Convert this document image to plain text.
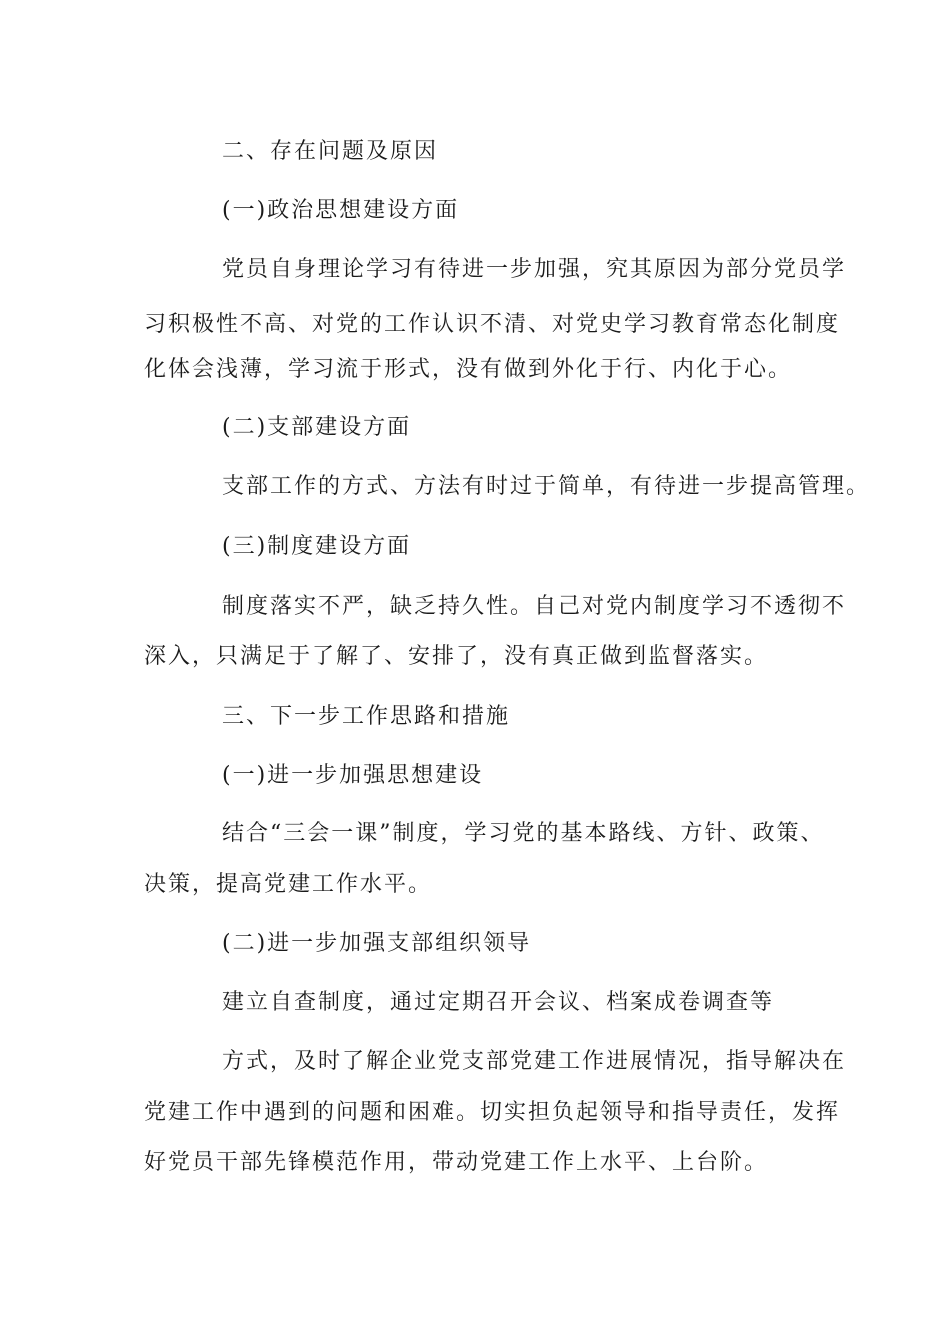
二、存在问题及原因
(一)政治思想建设方面
党员自身理论学习有待进一步加强，究其原因为部分党员学
习积极性不高、对党的工作认识不清、对党史学习教育常态化制度
化体会浅薄，学习流于形式，没有做到外化于行、内化于心。
(二)支部建设方面
支部工作的方式、方法有时过于简单，有待进一步提高管理。
(三)制度建设方面
制度落实不严，缺乏持久性。自己对党内制度学习不透彻不
深入，只满足于了解了、安排了，没有真正做到监督落实。
三、下一步工作思路和措施
(一)进一步加强思想建设
结合“三会一课”制度，学习党的基本路线、方针、政策、
决策，提高党建工作水平。
(二)进一步加强支部组织领导
建立自查制度，通过定期召开会议、档案成卷调查等
方式，及时了解企业党支部党建工作进展情况，指导解决在
党建工作中遇到的问题和困难。切实担负起领导和指导责任，发挥
好党员干部先锋模范作用，带动党建工作上水平、上台阶。
